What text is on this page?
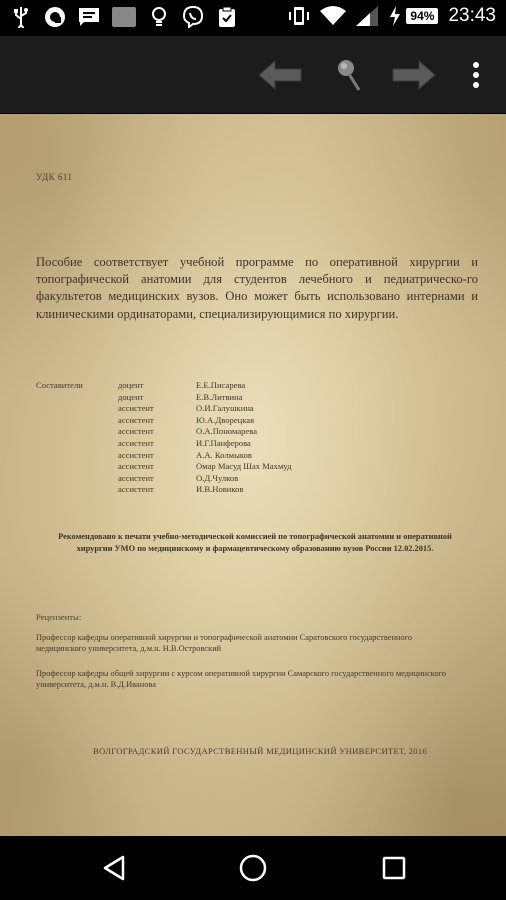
94% 23:43
УДК 611
Пособие соответствует учебной программе по оперативной хирургии и топографической анатомии для студентов лечебного и педиатрическо-го факультетов медицинских вузов. Оно может быть использовано интернами и клиническими ординаторами, специализирующимися по хирургии.
Составители	доцент	Е.Е.Писарева
доцент	Е.В.Литвина
ассистент	О.И.Галушкина
ассистент	Ю.А.Дворецкая
ассистент	О.А.Пономарева
ассистент	И.Г.Панферова
ассистент	А.А. Колмыков
ассистент	Омар Масуд Шах Махмуд
ассистент	О.Д.Чулков
ассистент	И.В.Новиков
Рекомендовано к печати учебно-методической комиссией по топографической анатомии и оперативной хирургии УМО по медицинскому и фармацевтическому образованию вузов России 12.02.2015.
Рецензенты:
Профессор кафедры оперативной хирургии и топографической анатомии Саратовского государственного медицинского университета, д.м.н. Н.В.Островский
Профессор кафедры общей хирургии с курсом оперативной хирургии Самарского государственного медицинского университета, д.м.н. В.Д.Иванова
ВОЛГОГРАДСКИЙ ГОСУДАРСТВЕННЫЙ МЕДИЦИНСКИЙ УНИВЕРСИТЕТ, 2016
